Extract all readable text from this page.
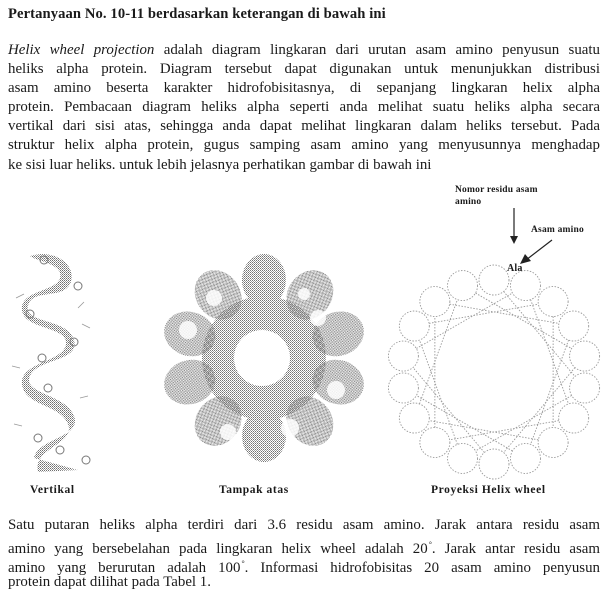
Pertanyaan No. 10-11 berdasarkan keterangan di bawah ini
Helix wheel projection adalah diagram lingkaran dari urutan asam amino penyusun suatu
heliks alpha protein. Diagram tersebut dapat digunakan untuk menunjukkan distribusi
asam amino beserta karakter hidrofobisitasnya, di sepanjang lingkaran helix alpha
protein. Pembacaan diagram heliks alpha seperti anda melihat suatu heliks alpha secara
vertikal dari sisi atas, sehingga anda dapat melihat lingkaran dalam heliks tersebut. Pada
struktur helix alpha protein, gugus samping asam amino yang menyusunnya menghadap
ke sisi luar heliks. untuk lebih jelasnya perhatikan gambar di bawah ini
Nomor residu asam
amino
Asam amino
Ala
Vertikal	Tampak atas	Proyeksi Helix wheel
Satu putaran heliks alpha terdiri dari 3.6 residu asam amino. Jarak antara residu asam
amino yang bersebelahan pada lingkaran helix wheel adalah 20°. Jarak antar residu asam
amino yang berurutan adalah 100°. Informasi hidrofobisitas 20 asam amino penyusun
protein dapat dilihat pada Tabel 1.
